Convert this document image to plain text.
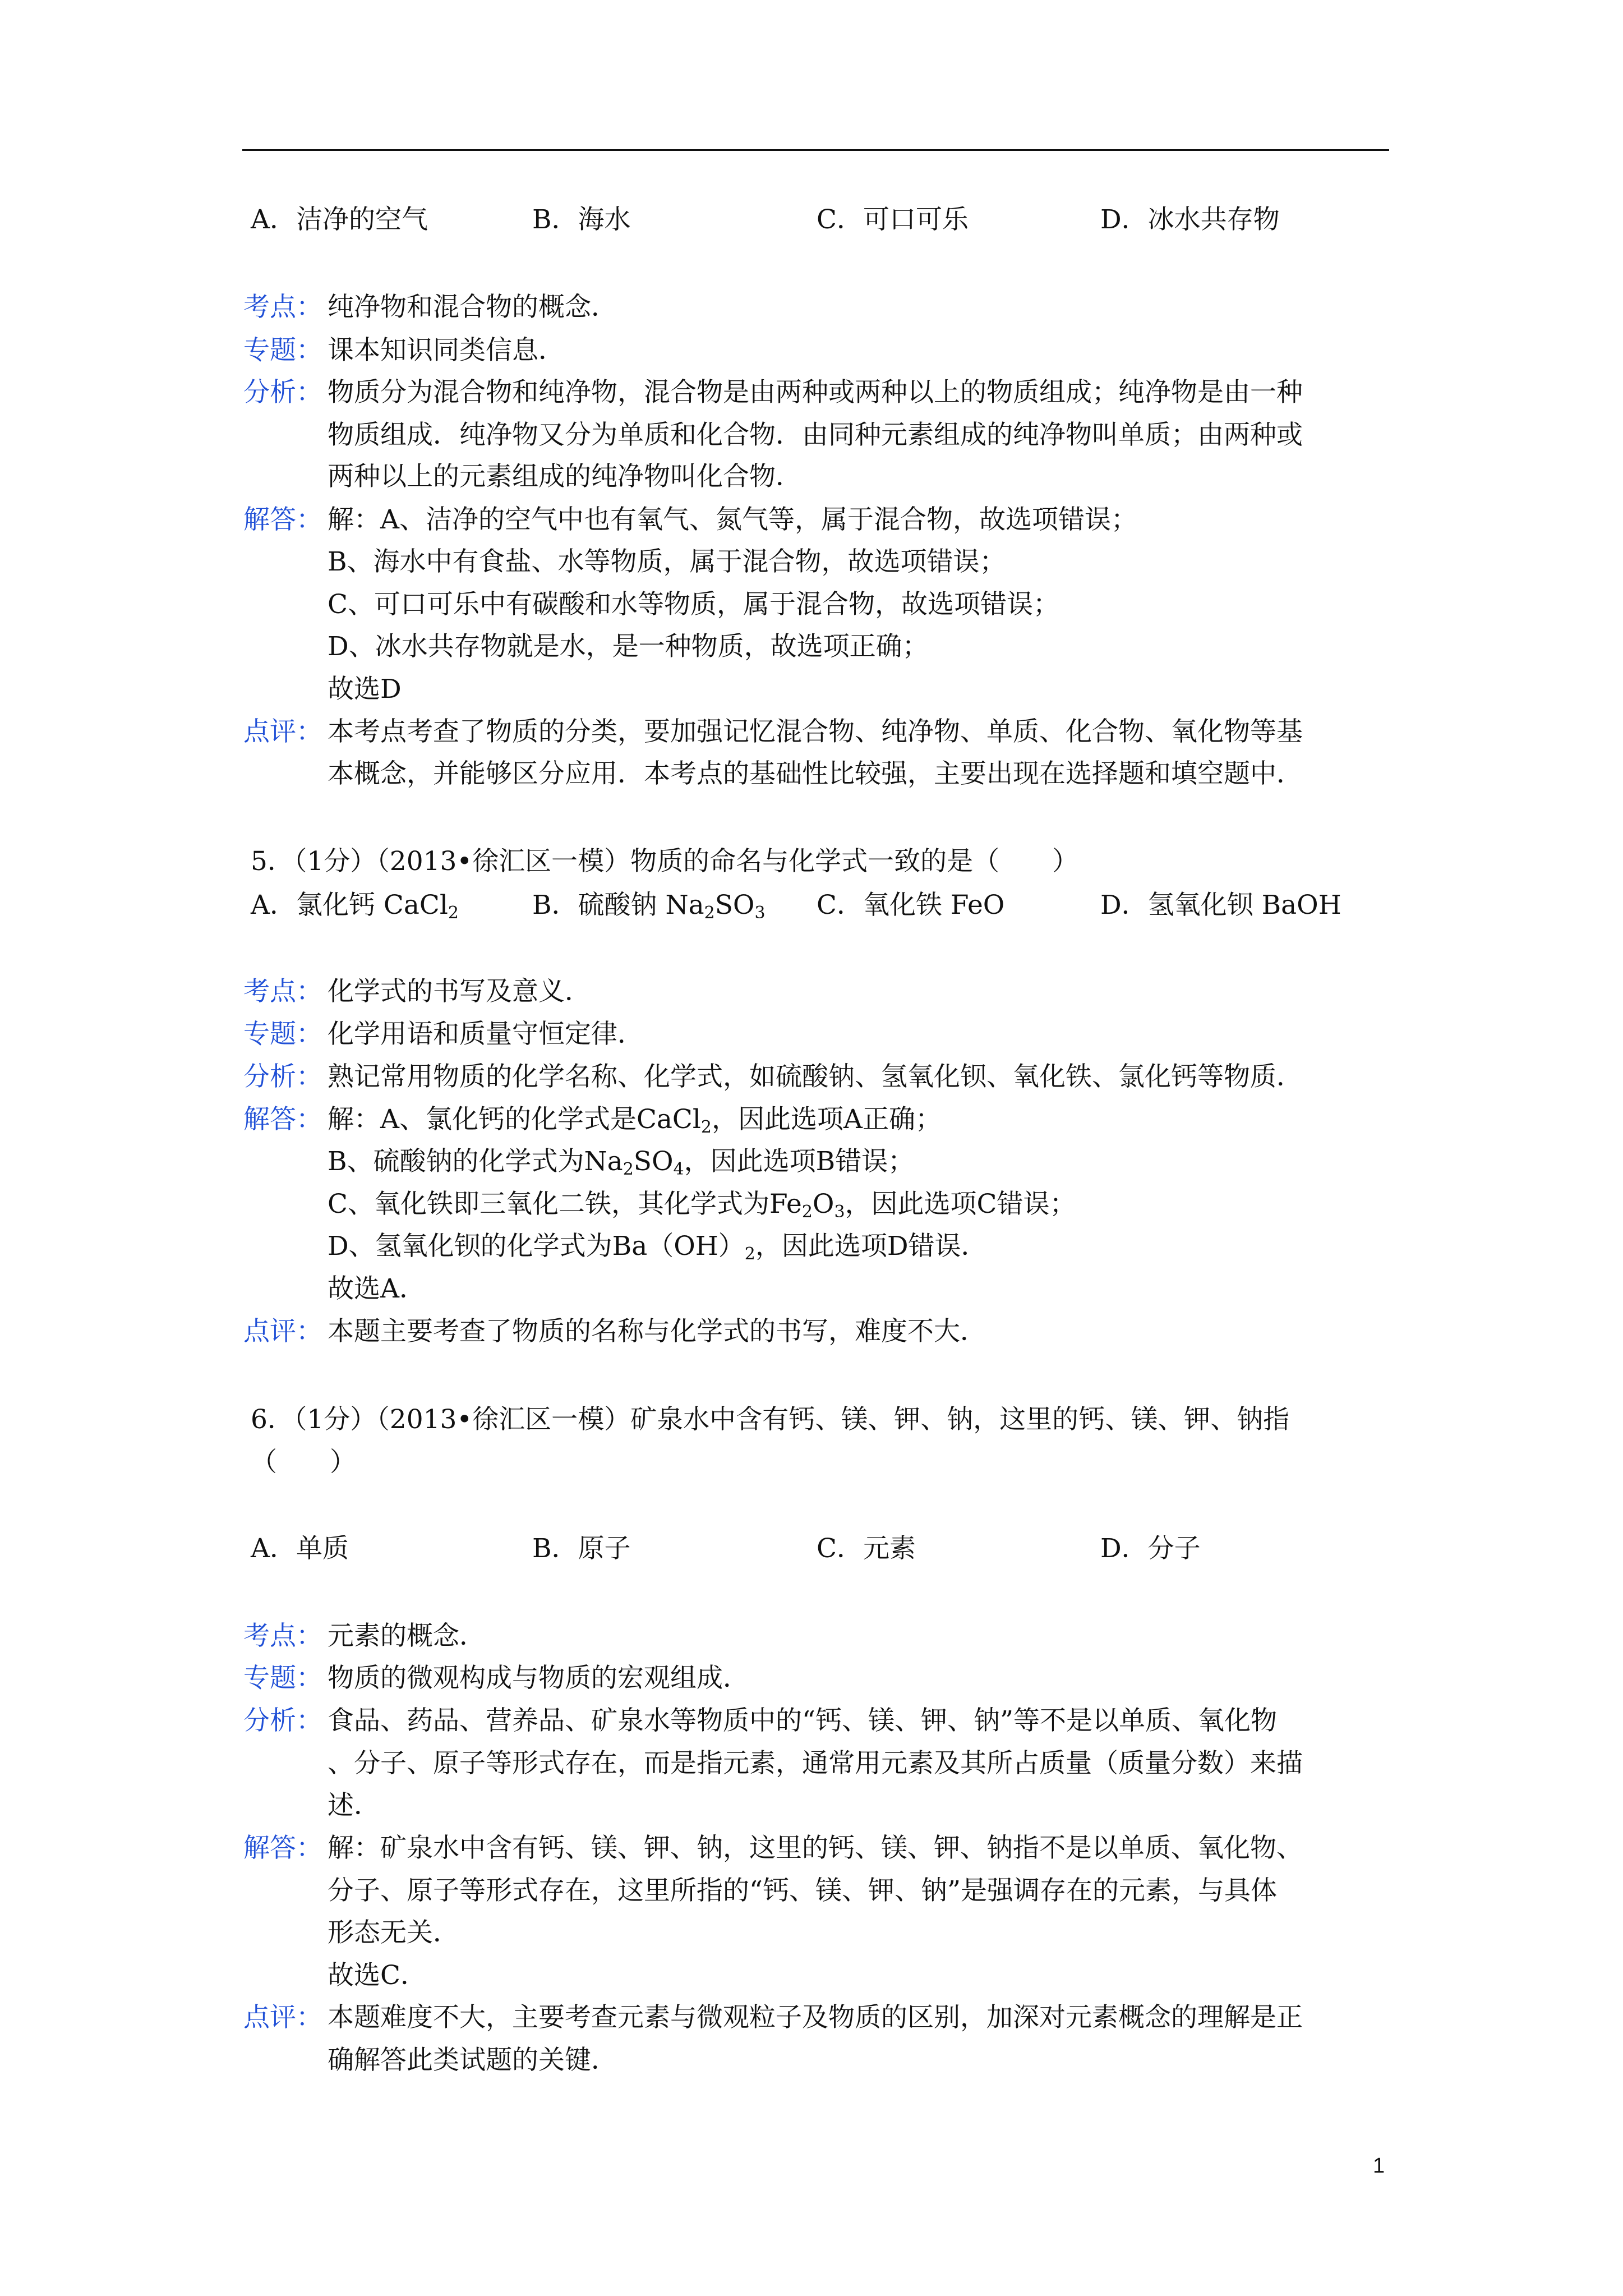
A．洁净的空气	B．海水	C．可口可乐	D．冰水共存物
考点： 纯净物和混合物的概念．
专题： 课本知识同类信息．
分析： 物质分为混合物和纯净物，混合物是由两种或两种以上的物质组成；纯净物是由一种
物质组成．纯净物又分为单质和化合物．由同种元素组成的纯净物叫单质；由两种或
两种以上的元素组成的纯净物叫化合物．
解答： 解：A、洁净的空气中也有氧气、氮气等，属于混合物，故选项错误；
B、海水中有食盐、水等物质，属于混合物，故选项错误；
C、可口可乐中有碳酸和水等物质，属于混合物，故选项错误；
D、冰水共存物就是水，是一种物质，故选项正确；
故选D
点评： 本考点考查了物质的分类，要加强记忆混合物、纯净物、单质、化合物、氧化物等基
本概念，并能够区分应用．本考点的基础性比较强，主要出现在选择题和填空题中．
5．（1分）（2013•徐汇区一模）物质的命名与化学式一致的是（　　）
A．氯化钙 CaCl$_2$	B．硫酸钠 $Na_2SO_3$ C．氧化铁 FeO	D．氢氧化钡 BaOH
考点： 化学式的书写及意义．
专题： 化学用语和质量守恒定律．
分析： 熟记常用物质的化学名称、化学式，如硫酸钠、氢氧化钡、氧化铁、氯化钙等物质．
解答： 解：A、氯化钙的化学式是CaCl$_2$，因此选项A正确；
B、硫酸钠的化学式为$Na_2SO_4$，因此选项B错误；
C、氧化铁即三氧化二铁，其化学式为$Fe_2O_3$，因此选项C错误；
D、氢氧化钡的化学式为$Ba(OH)_2$，因此选项D错误．
故选A．
点评： 本题主要考查了物质的名称与化学式的书写，难度不大．
6．（1分）（2013•徐汇区一模）矿泉水中含有钙、镁、钾、钠，这里的钙、镁、钾、钠指
（　　）
A．单质	B．原子	C．元素	D．分子
考点： 元素的概念．
专题： 物质的微观构成与物质的宏观组成．
分析： 食品、药品、营养品、矿泉水等物质中的“钙、镁、钾、钠”等不是以单质、氧化物
、分子、原子等形式存在，而是指元素，通常用元素及其所占质量（质量分数）来描
述．
解答： 解：矿泉水中含有钙、镁、钾、钠，这里的钙、镁、钾、钠指不是以单质、氧化物、
分子、原子等形式存在，这里所指的“钙、镁、钾、钠”是强调存在的元素，与具体
形态无关．
故选C．
点评： 本题难度不大，主要考查元素与微观粒子及物质的区别，加深对元素概念的理解是正
确解答此类试题的关键．
1
